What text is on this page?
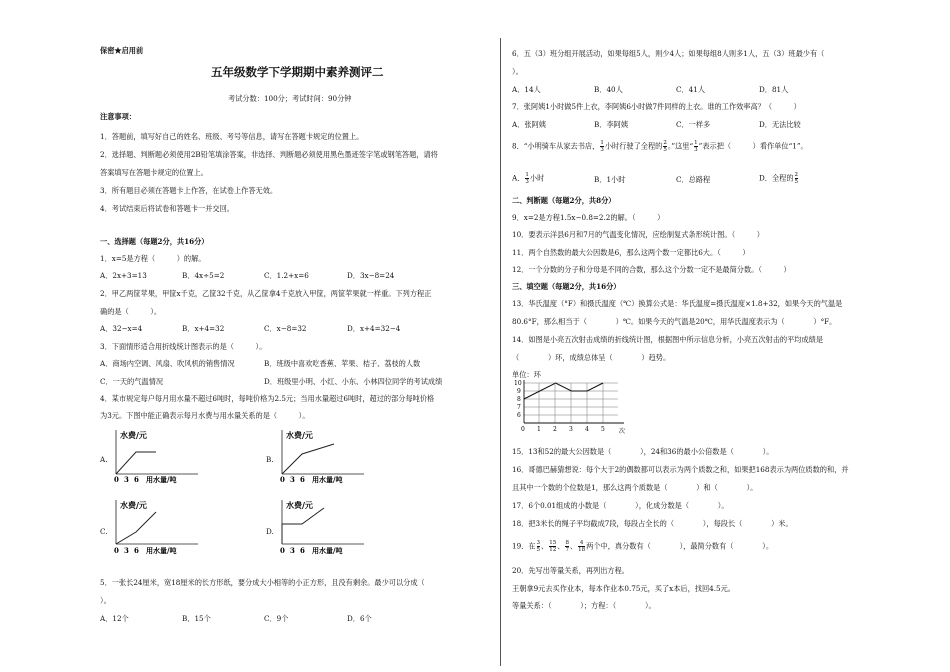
保密★启用前
五年级数学下学期期中素养测评二
考试分数：100分；考试时间：90分钟
注意事项：
1．答题前，填写好自己的姓名、班级、考号等信息，请写在答题卡规定的位置上。
2．选择题、判断题必须使用2B铅笔填涂答案，非选择、判断题必须使用黑色墨迹签字笔或钢笔答题，请将
答案填写在答题卡规定的位置上。
3．所有题目必须在答题卡上作答，在试卷上作答无效。
4．考试结束后将试卷和答题卡一并交回。
一、选择题（每题2分，共16分）
1．x=5是方程（　　　）的解。
A．2x+3=13	B．4x÷5=2	C．1.2+x=6	D．3x−8=24
2．甲乙两筐苹果，甲筐x千克，乙筐32千克，从乙筐拿4千克放入甲筐，两筐苹果就一样重。下列方程正
确的是（　　　）。
A．32−x=4	B．x+4=32	C．x−8=32	D．x+4=32−4
3．下面情形适合用折线统计图表示的是（　　　）。
A．商场内空调、风扇、吹风机的销售情况	B．班级中喜欢吃香蕉、苹果、桔子、荔枝的人数
C．一天的气温情况	D．班级里小明、小红、小东、小林四位同学的考试成绩
4．某市规定每户每月用水量不超过6吨时，每吨价格为2.5元；当用水量超过6吨时，超过的部分每吨价格
为3元。下图中能正确表示每月水费与用水量关系的是（　　　）。
A.
水费/元
0 3 6 用水量/吨
B.
水费/元
0 3 6 用水量/吨
C.
水费/元
0 3 6 用水量/吨
D.
水费/元
0 3 6 用水量/吨
5．一张长24厘米，宽18厘米的长方形纸，要分成大小相等的小正方形，且没有剩余。最少可以分成（
）。
A．12个	B．15个	C．9个	D．6个
6．五（3）班分组开展活动，如果每组5人，则少4人；如果每组8人则多1人，五（3）班最少有（
）。
A．14人	B．40人	C．41人	D．81人
7．张阿姨1小时做5件上衣，李阿姨6小时做7件同样的上衣。谁的工作效率高？（　　　）
A．张阿姨	B．李阿姨	C．一样多	D．无法比较
8．“小明骑车从家去书店， $\frac{1}{3}$ 小时行驶了全程的 $\frac{2}{5}$ 。”这里“ $\frac{1}{3}$ ”表示把（　　　）看作单位“1”。
A． $\frac{1}{3}$ 小时	B．1小时	C．总路程	D．全程的 $\frac{2}{5}$
二、判断题（每题2分，共8分）
9．x=2是方程1.5x−0.8=2.2的解。（　　　）
10．要表示洋县6月和7月的气温变化情况，应绘制复式条形统计图。（　　　）
11．两个自然数的最大公因数是6，那么这两个数一定都比6大。（　　　）
12．一个分数的分子和分母是不同的合数，那么这个分数一定不是最简分数。（　　　）
三、填空题（每题2分，共16分）
13．华氏温度（°F）和摄氏温度（℃）换算公式是：华氏温度=摄氏温度×1.8+32，如果今天的气温是
80.6°F，那么相当于（　　　　）℃。如果今天的气温是20℃，用华氏温度表示为（　　　　）°F。
14．如图是小亮五次射击成绩的折线统计图，根据图中所示信息分析，小亮五次射击的平均成绩是
（　　　　）环，成绩总体呈（　　　　）趋势。
单位：环
10
9
8
7
6
0 1 2 3 4 5 次
15．13和52的最大公因数是（　　　　），24和36的最小公倍数是（　　　　）。
16．哥德巴赫猜想说：每个大于2的偶数都可以表示为两个质数之和，如果把168表示为两位质数的和，并
且其中一个数的个位数是1，那么这两个质数是（　　　　）和（　　　　）。
17．6个0.01组成的小数是（　　　　），化成分数是（　　　　）。
18．把3米长的绳子平均截成7段，每段占全长的（　　　　），每段长（　　　　）米。
19．在 $\frac{3}{5}$ 、 $\frac{15}{12}$ 、 $\frac{8}{7}$ 、 $\frac{4}{18}$ 两个中，真分数有（　　　　），最简分数有（　　　　）。
20．先写出等量关系，再列出方程。
王朝拿9元去买作业本，每本作业本0.75元，买了x本后，找回4.5元。
等量关系：（　　　　）；方程：（　　　　）。
